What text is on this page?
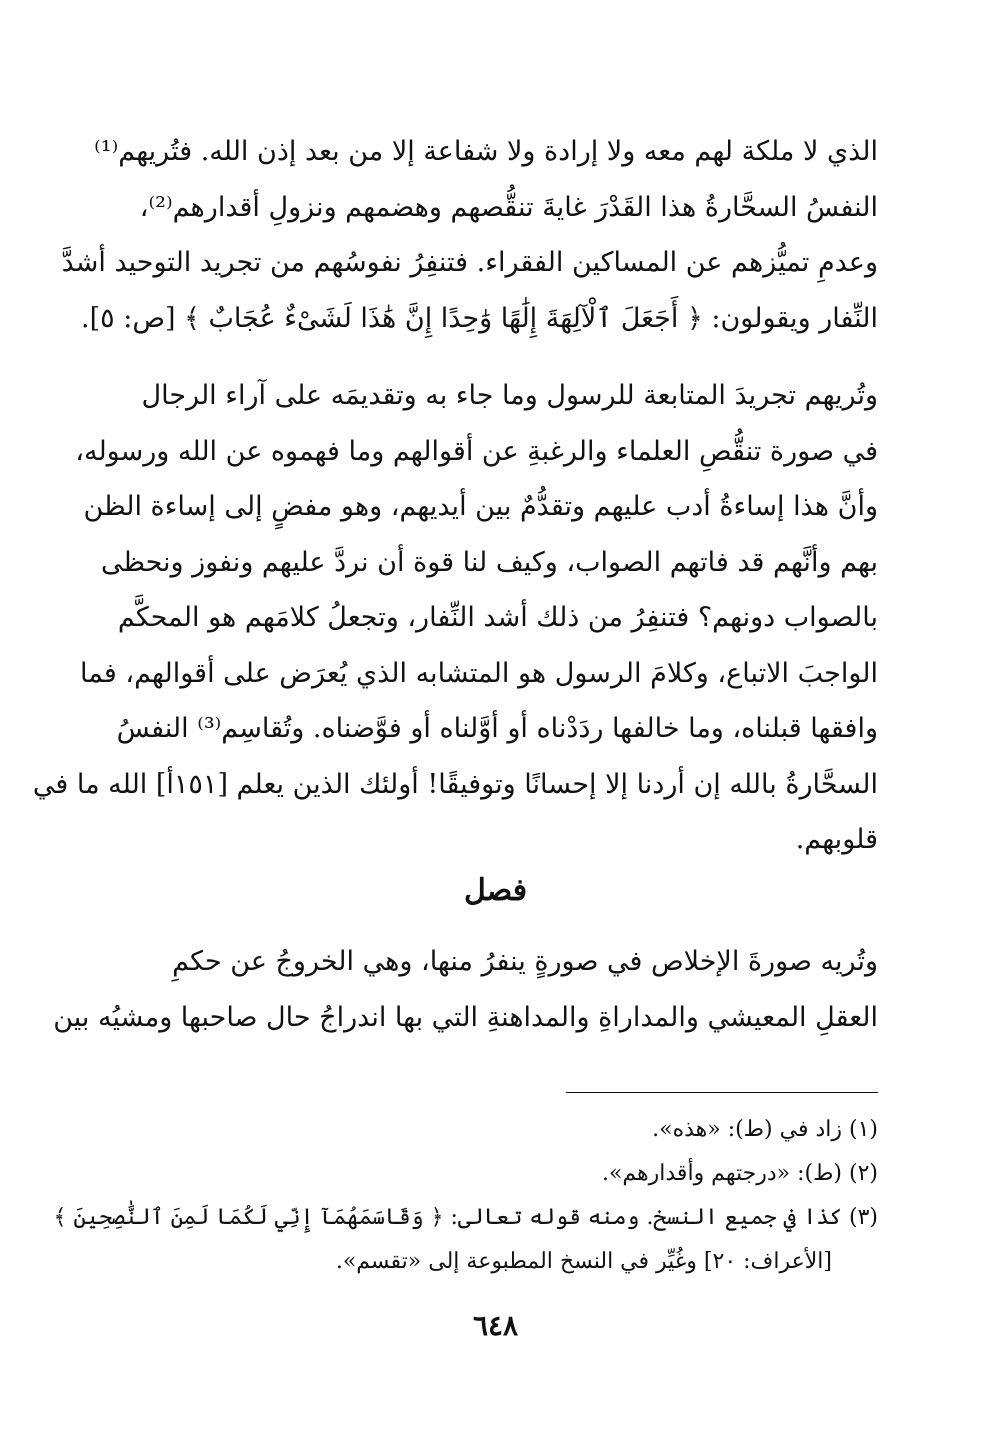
الذي لا ملكة لهم معه ولا إرادة ولا شفاعة إلا من بعد إذن الله. فتُريهم⁽¹⁾
النفسُ السحَّارةُ هذا القَدْرَ غايةَ تنقُّصهم وهضمهم ونزولِ أقدارهم⁽²⁾،
وعدمِ تميُّزهم عن المساكين الفقراء. فتنفِرُ نفوسُهم من تجريد التوحيد أشدَّ
النِّفار ويقولون: ﴿ أَجَعَلَ ٱلْآلِهَةَ إِلَٰهًا وَٰحِدًا إِنَّ هَٰذَا لَشَىْءٌ عُجَابٌ ﴾ [ص: ٥].
وتُريهم تجريدَ المتابعة للرسول وما جاء به وتقديمَه على آراء الرجال
في صورة تنقُّصِ العلماء والرغبةِ عن أقوالهم وما فهموه عن الله ورسوله،
وأنَّ هذا إساءةُ أدب عليهم وتقدُّمٌ بين أيديهم، وهو مفضٍ إلى إساءة الظن
بهم وأنَّهم قد فاتهم الصواب، وكيف لنا قوة أن نردَّ عليهم ونفوز ونحظى
بالصواب دونهم؟ فتنفِرُ من ذلك أشد النِّفار، وتجعلُ كلامَهم هو المحكَّم
الواجبَ الاتباع، وكلامَ الرسول هو المتشابه الذي يُعرَض على أقوالهم، فما
وافقها قبلناه، وما خالفها ردَدْناه أو أوَّلناه أو فوَّضناه. وتُقاسِم⁽³⁾ النفسُ
السحَّارةُ بالله إن أردنا إلا إحسانًا وتوفيقًا! أولئك الذين يعلم [١٥١أ] الله ما في
قلوبهم.
فصل
وتُريه صورةَ الإخلاص في صورةٍ ينفرُ منها، وهي الخروجُ عن حكمِ
العقلِ المعيشي والمداراةِ والمداهنةِ التي بها اندراجُ حال صاحبها ومشيُه بين
(١) زاد في (ط): «هذه».
(٢) (ط): «درجتهم وأقدارهم».
(٣) كذا في جميع النسخ. ومنه قوله تعالى: ﴿ وَقَاسَمَهُمَآ إِنِّي لَكُمَا لَمِنَ ٱلنَّٰصِحِينَ ﴾
[الأعراف: ٢٠] وغُيِّر في النسخ المطبوعة إلى «تقسم».
٦٤٨
